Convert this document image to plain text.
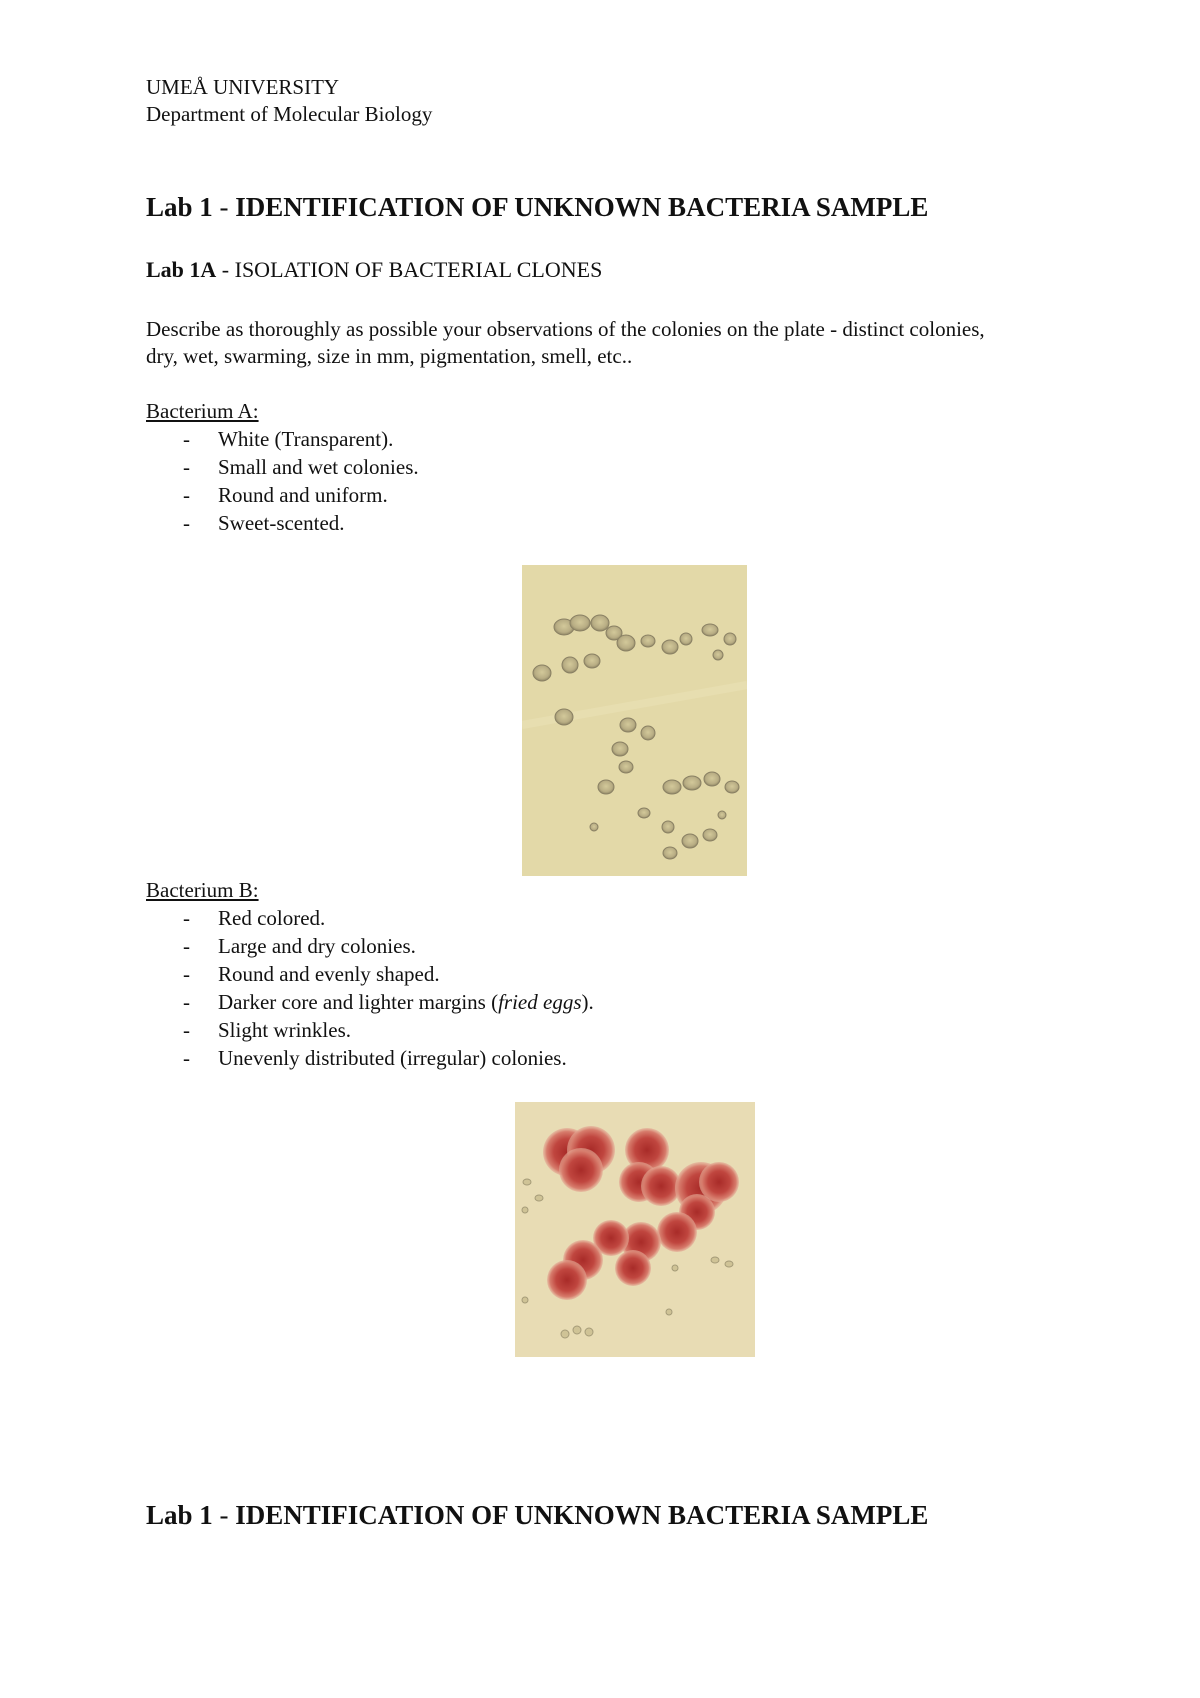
UMEÅ UNIVERSITY
Department of Molecular Biology
Lab 1 - IDENTIFICATION OF UNKNOWN BACTERIA SAMPLE
Lab 1A - ISOLATION OF BACTERIAL CLONES
Describe as thoroughly as possible your observations of the colonies on the plate - distinct colonies,
dry, wet, swarming, size in mm, pigmentation, smell, etc..
Bacterium A:
- White (Transparent).
- Small and wet colonies.
- Round and uniform.
- Sweet-scented.
Bacterium B:
- Red colored.
- Large and dry colonies.
- Round and evenly shaped.
- Darker core and lighter margins (fried eggs).
- Slight wrinkles.
- Unevenly distributed (irregular) colonies.
Lab 1 - IDENTIFICATION OF UNKNOWN BACTERIA SAMPLE
